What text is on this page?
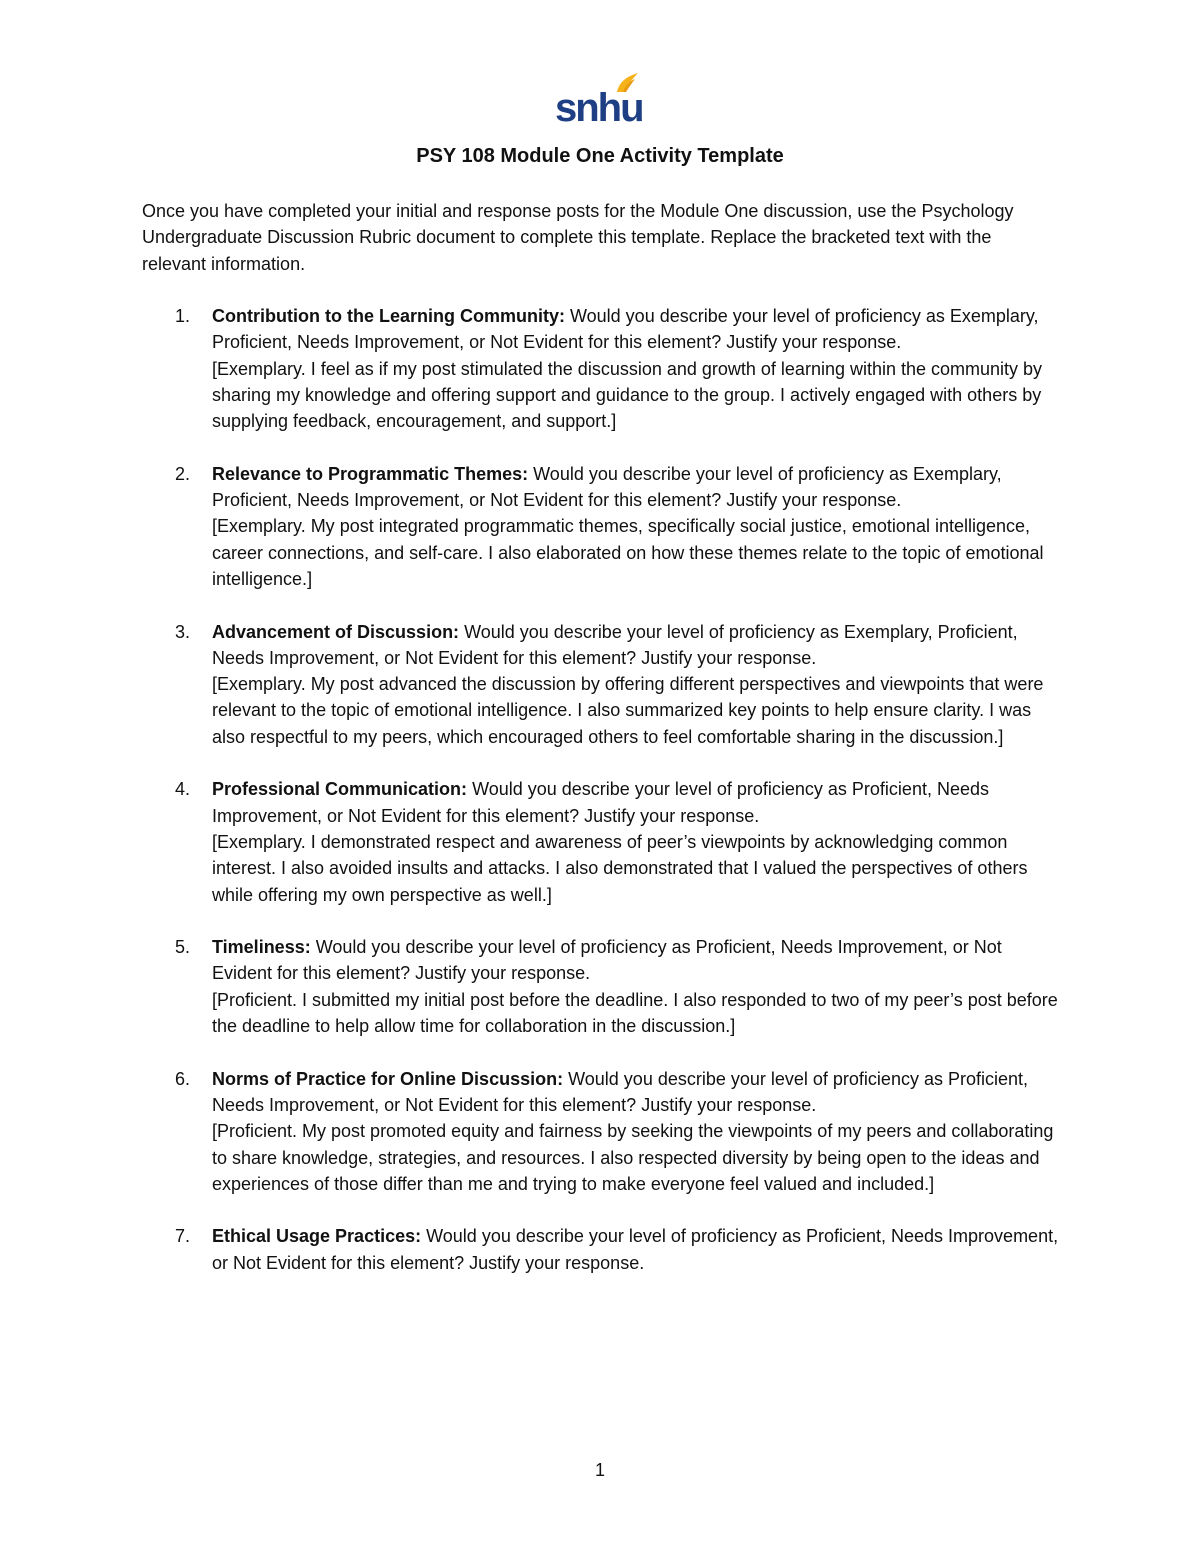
snhu
PSY 108 Module One Activity Template

Once you have completed your initial and response posts for the Module One discussion, use the Psychology Undergraduate Discussion Rubric document to complete this template. Replace the bracketed text with the relevant information.

1. Contribution to the Learning Community: Would you describe your level of proficiency as Exemplary, Proficient, Needs Improvement, or Not Evident for this element? Justify your response.
[Exemplary. I feel as if my post stimulated the discussion and growth of learning within the community by sharing my knowledge and offering support and guidance to the group. I actively engaged with others by supplying feedback, encouragement, and support.]
2. Relevance to Programmatic Themes: Would you describe your level of proficiency as Exemplary, Proficient, Needs Improvement, or Not Evident for this element? Justify your response.
[Exemplary. My post integrated programmatic themes, specifically social justice, emotional intelligence, career connections, and self-care. I also elaborated on how these themes relate to the topic of emotional intelligence.]
3. Advancement of Discussion: Would you describe your level of proficiency as Exemplary, Proficient, Needs Improvement, or Not Evident for this element? Justify your response.
[Exemplary. My post advanced the discussion by offering different perspectives and viewpoints that were relevant to the topic of emotional intelligence. I also summarized key points to help ensure clarity. I was also respectful to my peers, which encouraged others to feel comfortable sharing in the discussion.]
4. Professional Communication: Would you describe your level of proficiency as Proficient, Needs Improvement, or Not Evident for this element? Justify your response.
[Exemplary. I demonstrated respect and awareness of peer’s viewpoints by acknowledging common interest. I also avoided insults and attacks. I also demonstrated that I valued the perspectives of others while offering my own perspective as well.]
5. Timeliness: Would you describe your level of proficiency as Proficient, Needs Improvement, or Not Evident for this element? Justify your response.
[Proficient. I submitted my initial post before the deadline. I also responded to two of my peer’s post before the deadline to help allow time for collaboration in the discussion.]
6. Norms of Practice for Online Discussion: Would you describe your level of proficiency as Proficient, Needs Improvement, or Not Evident for this element? Justify your response.
[Proficient. My post promoted equity and fairness by seeking the viewpoints of my peers and collaborating to share knowledge, strategies, and resources. I also respected diversity by being open to the ideas and experiences of those differ than me and trying to make everyone feel valued and included.]
7. Ethical Usage Practices: Would you describe your level of proficiency as Proficient, Needs Improvement, or Not Evident for this element? Justify your response.
1
